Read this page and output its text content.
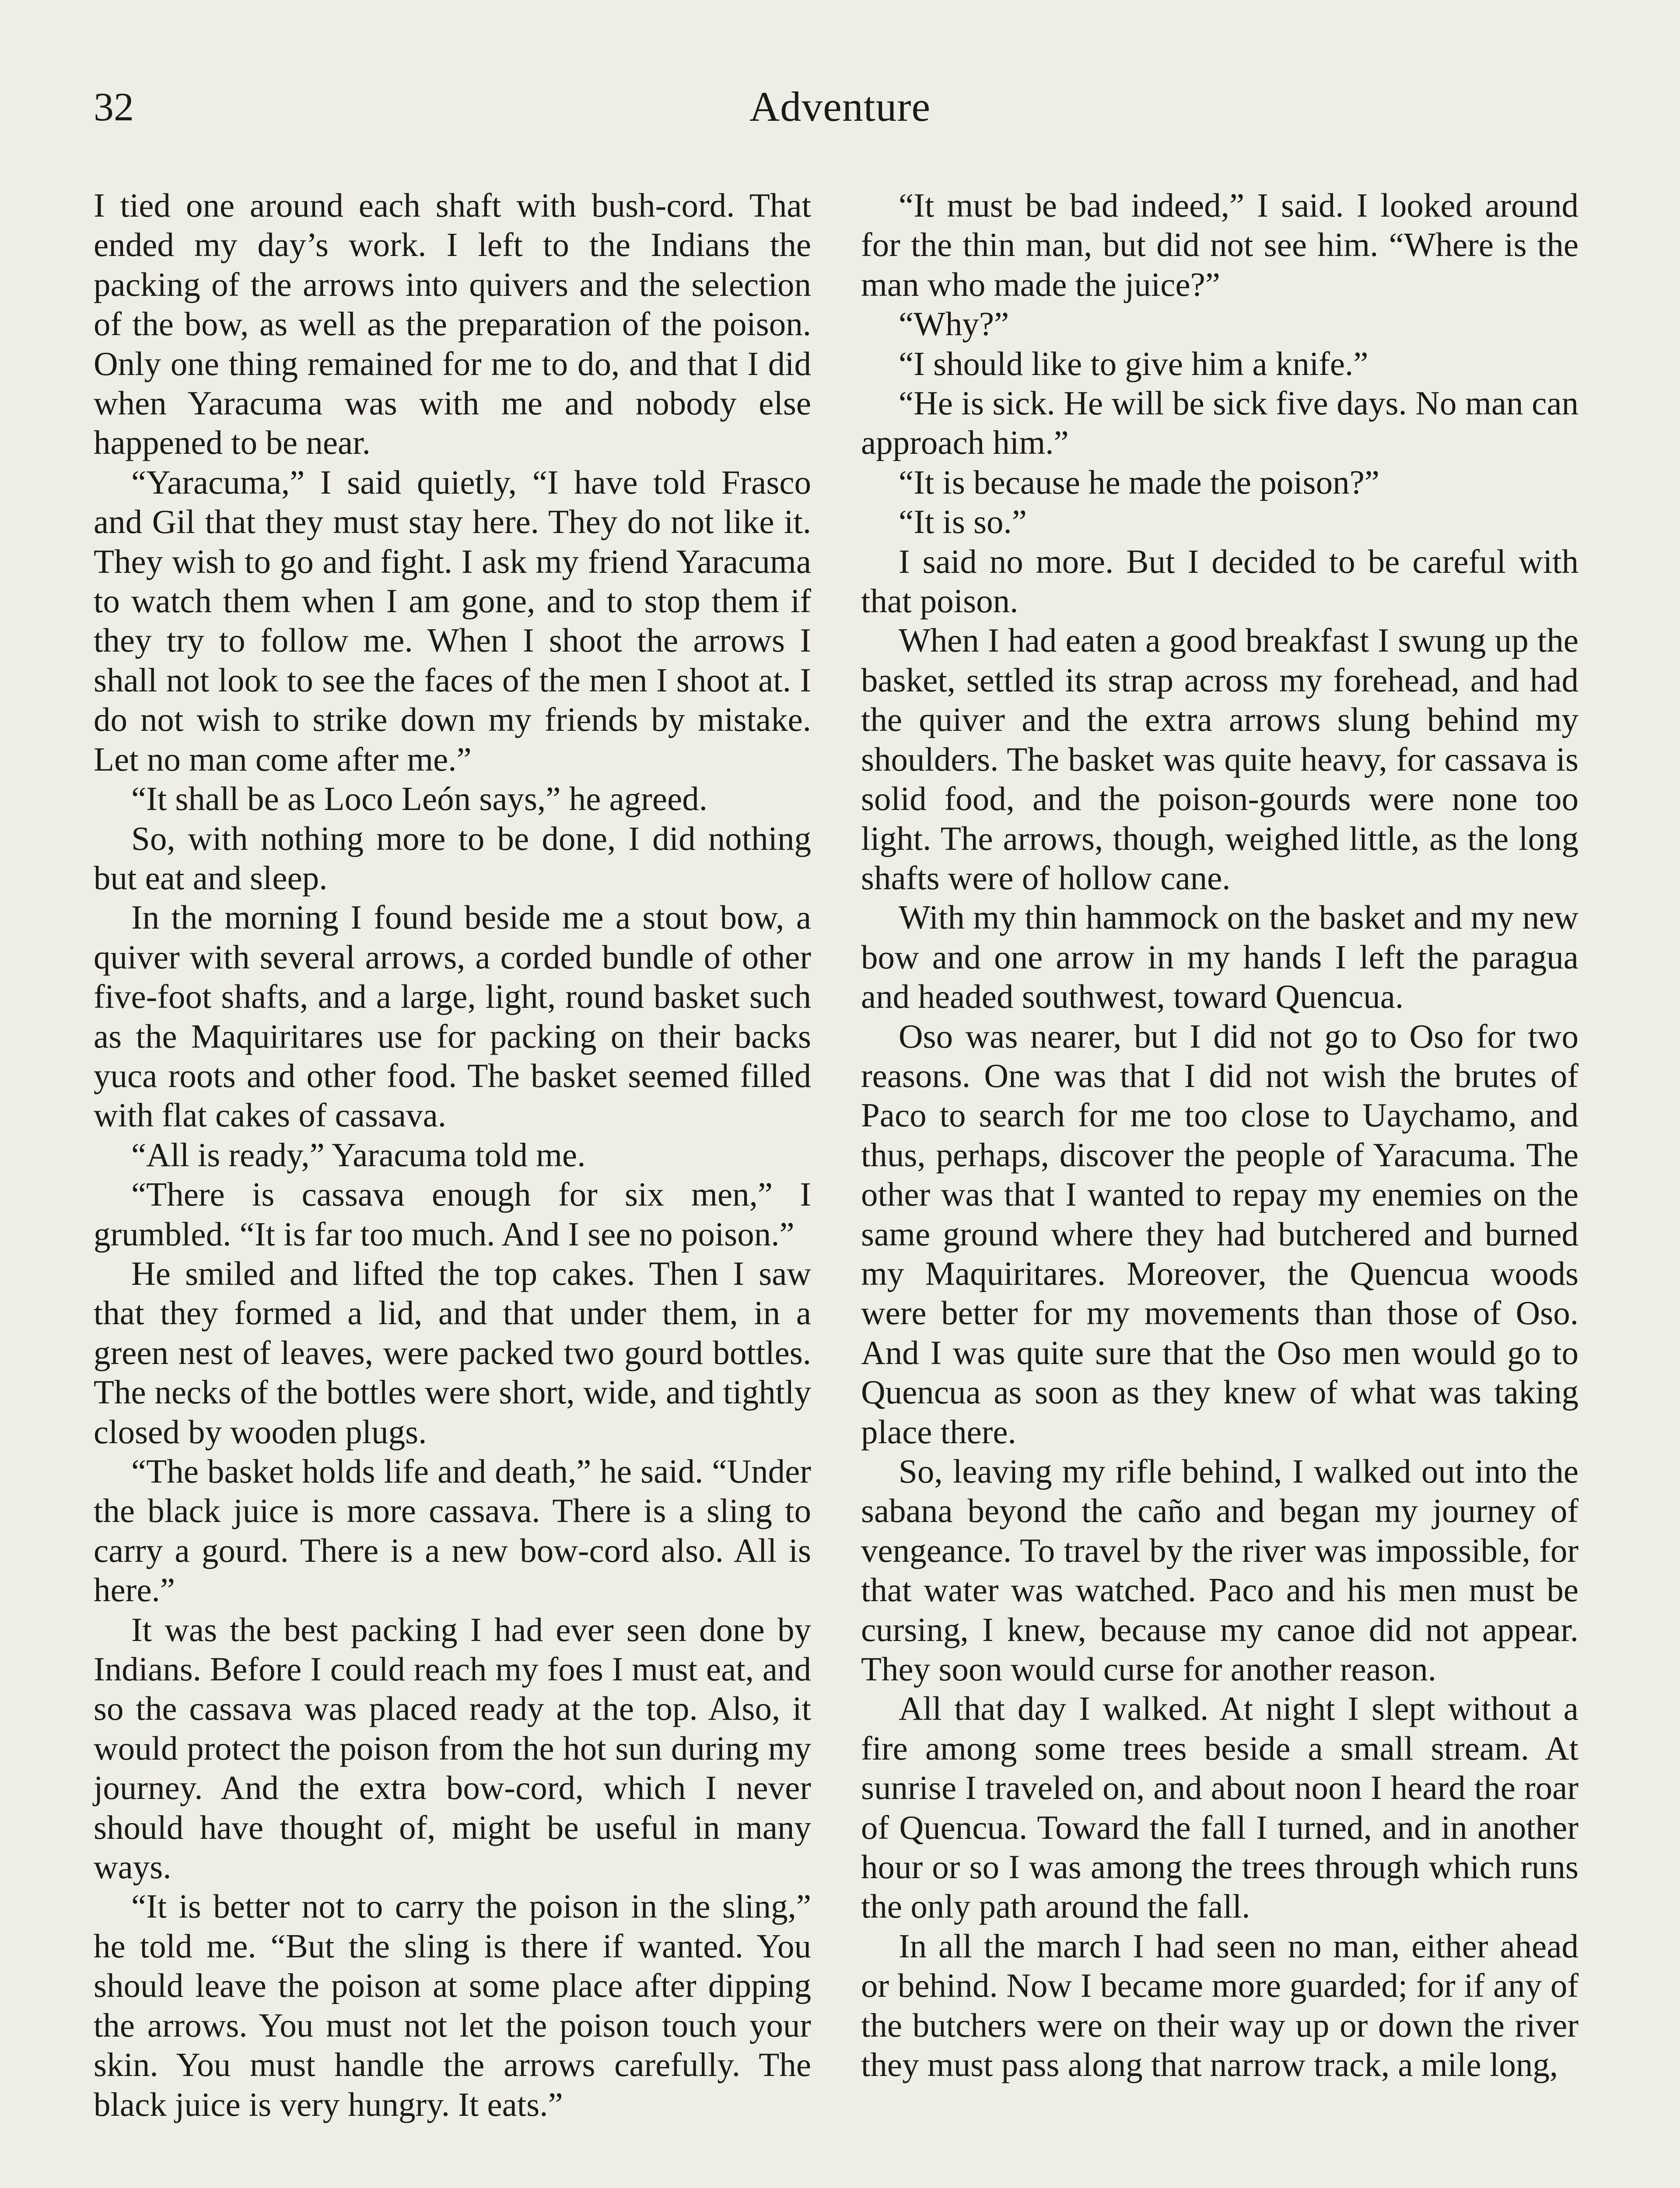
32	Adventure

I tied one around each shaft with bush-cord. That ended my day’s work. I left to the Indians the packing of the arrows into quivers and the selection of the bow, as well as the preparation of the poison. Only one thing remained for me to do, and that I did when Yaracuma was with me and nobody else happened to be near.

“Yaracuma,” I said quietly, “I have told Frasco and Gil that they must stay here. They do not like it. They wish to go and fight. I ask my friend Yaracuma to watch them when I am gone, and to stop them if they try to follow me. When I shoot the arrows I shall not look to see the faces of the men I shoot at. I do not wish to strike down my friends by mistake. Let no man come after me.”

“It shall be as Loco León says,” he agreed.

So, with nothing more to be done, I did nothing but eat and sleep.

In the morning I found beside me a stout bow, a quiver with several arrows, a corded bundle of other five-foot shafts, and a large, light, round basket such as the Maquiritares use for packing on their backs yuca roots and other food. The basket seemed filled with flat cakes of cassava.

“All is ready,” Yaracuma told me.

“There is cassava enough for six men,” I grumbled. “It is far too much. And I see no poison.”

He smiled and lifted the top cakes. Then I saw that they formed a lid, and that under them, in a green nest of leaves, were packed two gourd bottles. The necks of the bottles were short, wide, and tightly closed by wooden plugs.

“The basket holds life and death,” he said. “Under the black juice is more cassava. There is a sling to carry a gourd. There is a new bow-cord also. All is here.”

It was the best packing I had ever seen done by Indians. Before I could reach my foes I must eat, and so the cassava was placed ready at the top. Also, it would protect the poison from the hot sun during my journey. And the extra bow-cord, which I never should have thought of, might be useful in many ways.

“It is better not to carry the poison in the sling,” he told me. “But the sling is there if wanted. You should leave the poison at some place after dipping the arrows. You must not let the poison touch your skin. You must handle the arrows carefully. The black juice is very hungry. It eats.”

“It must be bad indeed,” I said. I looked around for the thin man, but did not see him. “Where is the man who made the juice?”

“Why?”

“I should like to give him a knife.”

“He is sick. He will be sick five days. No man can approach him.”

“It is because he made the poison?”

“It is so.”

I said no more. But I decided to be careful with that poison.

When I had eaten a good breakfast I swung up the basket, settled its strap across my forehead, and had the quiver and the extra arrows slung behind my shoulders. The basket was quite heavy, for cassava is solid food, and the poison-gourds were none too light. The arrows, though, weighed little, as the long shafts were of hollow cane.

With my thin hammock on the basket and my new bow and one arrow in my hands I left the paragua and headed southwest, toward Quencua.

Oso was nearer, but I did not go to Oso for two reasons. One was that I did not wish the brutes of Paco to search for me too close to Uaychamo, and thus, perhaps, discover the people of Yaracuma. The other was that I wanted to repay my enemies on the same ground where they had butchered and burned my Maquiritares. Moreover, the Quencua woods were better for my movements than those of Oso. And I was quite sure that the Oso men would go to Quencua as soon as they knew of what was taking place there.

So, leaving my rifle behind, I walked out into the sabana beyond the caño and began my journey of vengeance. To travel by the river was impossible, for that water was watched. Paco and his men must be cursing, I knew, because my canoe did not appear. They soon would curse for another reason.

All that day I walked. At night I slept without a fire among some trees beside a small stream. At sunrise I traveled on, and about noon I heard the roar of Quencua. Toward the fall I turned, and in another hour or so I was among the trees through which runs the only path around the fall.

In all the march I had seen no man, either ahead or behind. Now I became more guarded; for if any of the butchers were on their way up or down the river they must pass along that narrow track, a mile long,
